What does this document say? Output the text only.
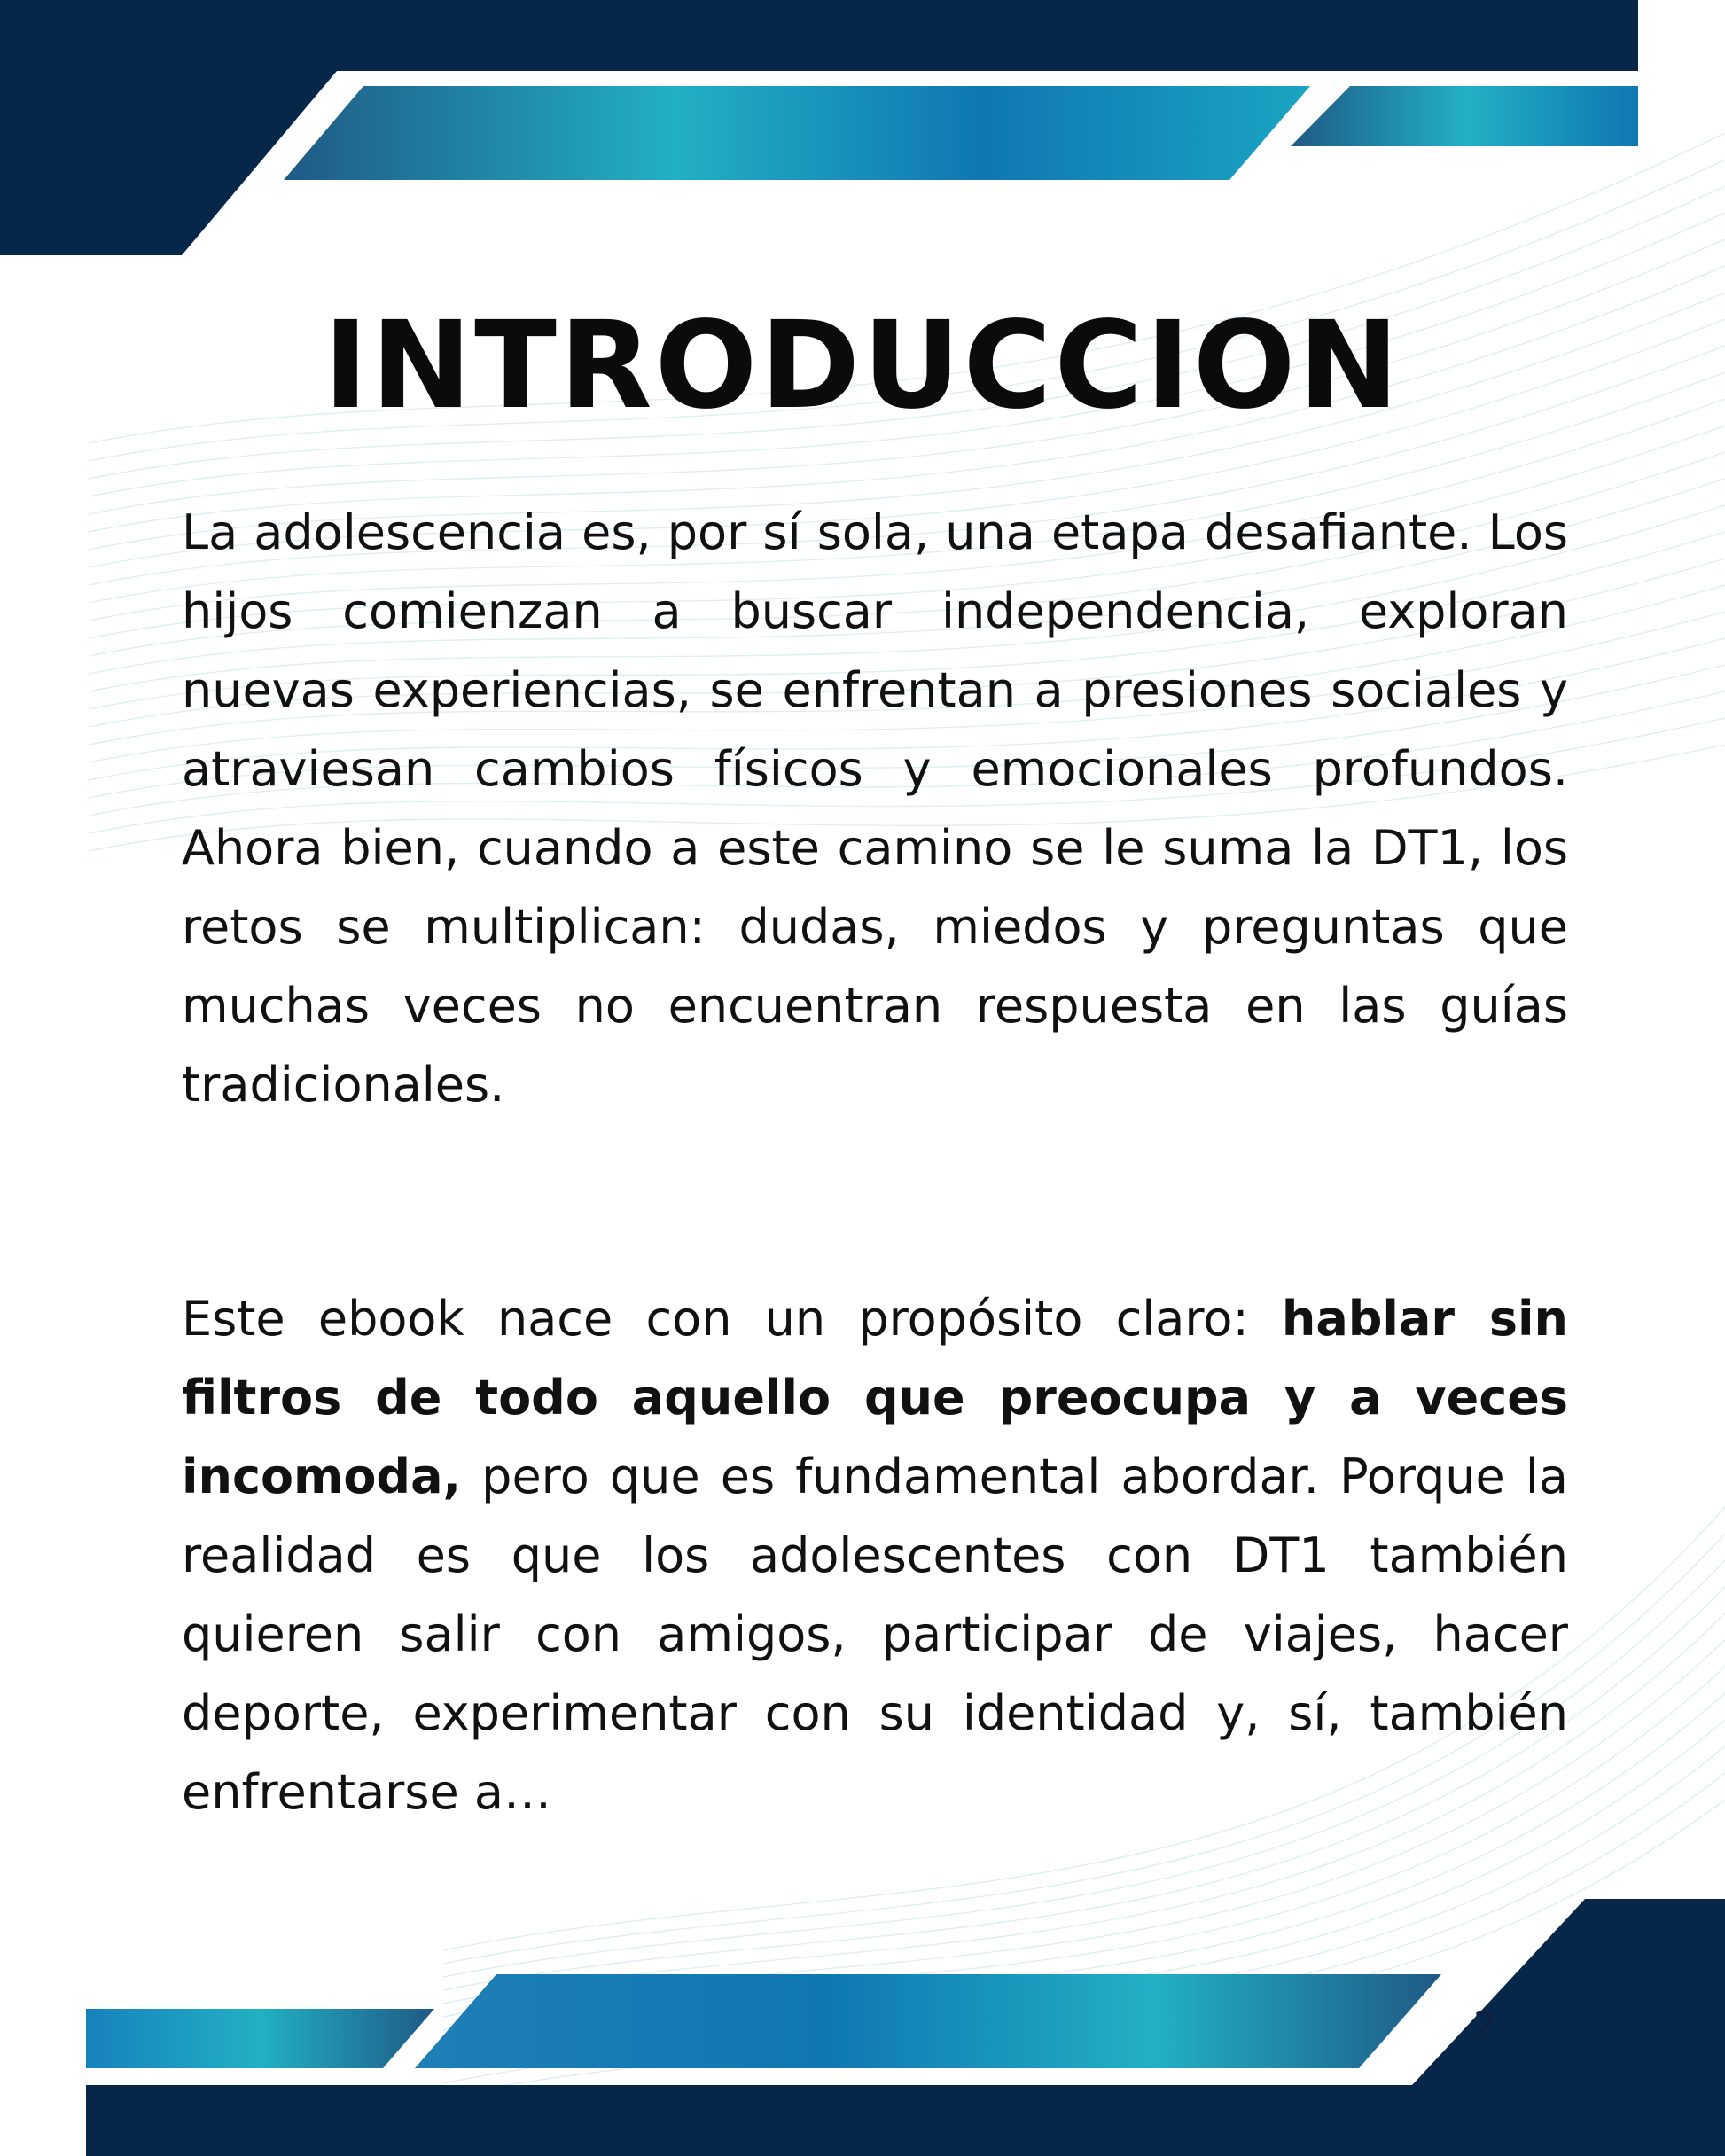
INTRODUCCION

La adolescencia es, por sí sola, una etapa desafiante. Los hijos comienzan a buscar independencia, exploran nuevas experiencias, se enfrentan a presiones sociales y atraviesan cambios físicos y emocionales profundos. Ahora bien, cuando a este camino se le suma la DT1, los retos se multiplican: dudas, miedos y preguntas que muchas veces no encuentran respuesta en las guías tradicionales.

Este ebook nace con un propósito claro: hablar sin filtros de todo aquello que preocupa y a veces incomoda, pero que es fundamental abordar. Porque la realidad es que los adolescentes con DT1 también quieren salir con amigos, participar de viajes, hacer deporte, experimentar con su identidad y, sí, también enfrentarse a…

2
